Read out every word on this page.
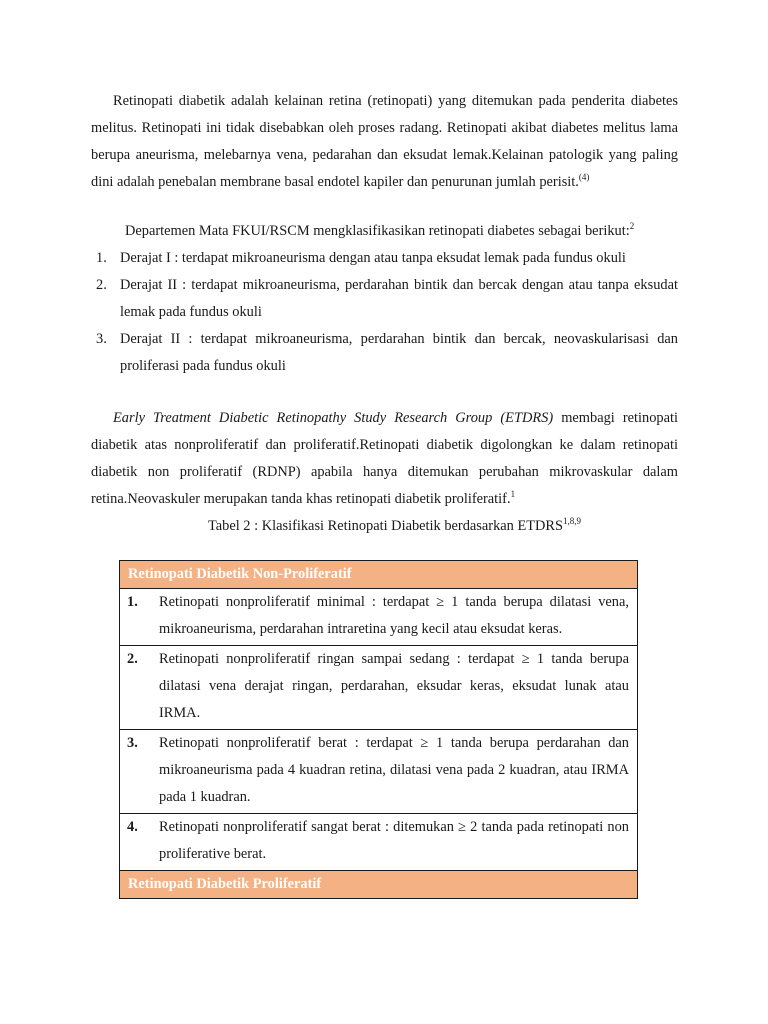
Retinopati diabetik adalah kelainan retina (retinopati) yang ditemukan pada penderita diabetes melitus. Retinopati ini tidak disebabkan oleh proses radang. Retinopati akibat diabetes melitus lama berupa aneurisma, melebarnya vena, pedarahan dan eksudat lemak.Kelainan patologik yang paling dini adalah penebalan membrane basal endotel kapiler dan penurunan jumlah perisit.$^{(4)}$

Departemen Mata FKUI/RSCM mengklasifikasikan retinopati diabetes sebagai berikut:$^2$
1. Derajat I : terdapat mikroaneurisma dengan atau tanpa eksudat lemak pada fundus okuli
2. Derajat II : terdapat mikroaneurisma, perdarahan bintik dan bercak dengan atau tanpa eksudat lemak pada fundus okuli
3. Derajat II : terdapat mikroaneurisma, perdarahan bintik dan bercak, neovaskularisasi dan proliferasi pada fundus okuli

Early Treatment Diabetic Retinopathy Study Research Group (ETDRS) membagi retinopati diabetik atas nonproliferatif dan proliferatif.Retinopati diabetik digolongkan ke dalam retinopati diabetik non proliferatif (RDNP) apabila hanya ditemukan perubahan mikrovaskular dalam retina.Neovaskuler merupakan tanda khas retinopati diabetik proliferatif.$^1$

Tabel 2 : Klasifikasi Retinopati Diabetik berdasarkan ETDRS$^{1,8,9}$
Retinopati Diabetik Non-Proliferatif	
1.	Retinopati nonproliferatif minimal : terdapat ≥ 1 tanda berupa dilatasi vena, mikroaneurisma, perdarahan intraretina yang kecil atau eksudat keras.
2.	Retinopati nonproliferatif ringan sampai sedang : terdapat ≥ 1 tanda berupa dilatasi vena derajat ringan, perdarahan, eksudar keras, eksudat lunak atau IRMA.
3.	Retinopati nonproliferatif berat : terdapat ≥ 1 tanda berupa perdarahan dan mikroaneurisma pada 4 kuadran retina, dilatasi vena pada 2 kuadran, atau IRMA pada 1 kuadran.
4.	Retinopati nonproliferatif sangat berat : ditemukan ≥ 2 tanda pada retinopati non proliferative berat.
Retinopati Diabetik Proliferatif	
